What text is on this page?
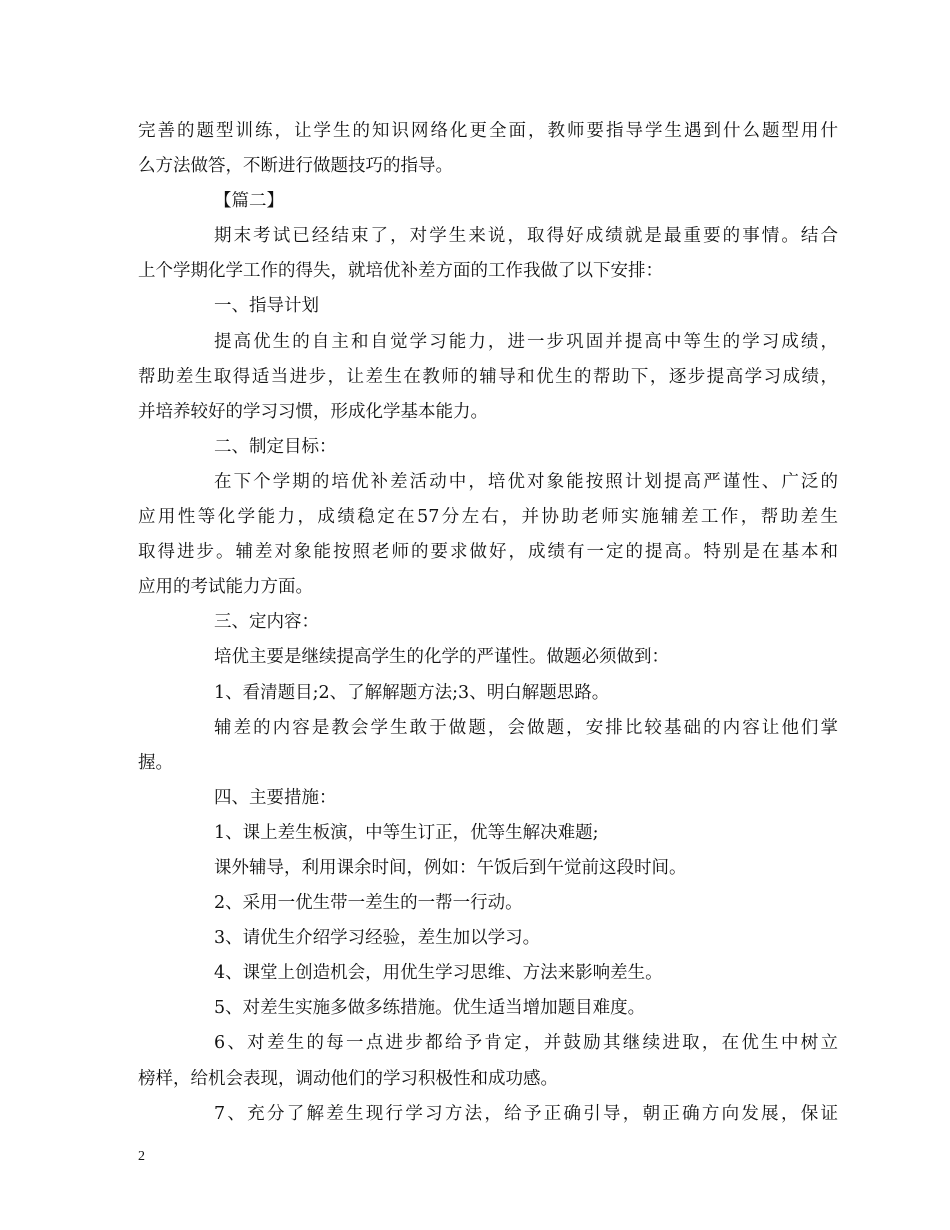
完善的题型训练，让学生的知识网络化更全面，教师要指导学生遇到什么题型用什
么方法做答，不断进行做题技巧的指导。
【篇二】
期末考试已经结束了，对学生来说，取得好成绩就是最重要的事情。结合
上个学期化学工作的得失，就培优补差方面的工作我做了以下安排：
一、指导计划
提高优生的自主和自觉学习能力，进一步巩固并提高中等生的学习成绩，
帮助差生取得适当进步，让差生在教师的辅导和优生的帮助下，逐步提高学习成绩，
并培养较好的学习习惯，形成化学基本能力。
二、制定目标：
在下个学期的培优补差活动中，培优对象能按照计划提高严谨性、广泛的
应用性等化学能力，成绩稳定在57分左右，并协助老师实施辅差工作，帮助差生
取得进步。辅差对象能按照老师的要求做好，成绩有一定的提高。特别是在基本和
应用的考试能力方面。
三、定内容：
培优主要是继续提高学生的化学的严谨性。做题必须做到：
1、看清题目;2、了解解题方法;3、明白解题思路。
辅差的内容是教会学生敢于做题，会做题，安排比较基础的内容让他们掌
握。
四、主要措施：
1、课上差生板演，中等生订正，优等生解决难题;
课外辅导，利用课余时间，例如：午饭后到午觉前这段时间。
2、采用一优生带一差生的一帮一行动。
3、请优生介绍学习经验，差生加以学习。
4、课堂上创造机会，用优生学习思维、方法来影响差生。
5、对差生实施多做多练措施。优生适当增加题目难度。
6、对差生的每一点进步都给予肯定，并鼓励其继续进取，在优生中树立
榜样，给机会表现，调动他们的学习积极性和成功感。
7、充分了解差生现行学习方法，给予正确引导，朝正确方向发展，保证
2
